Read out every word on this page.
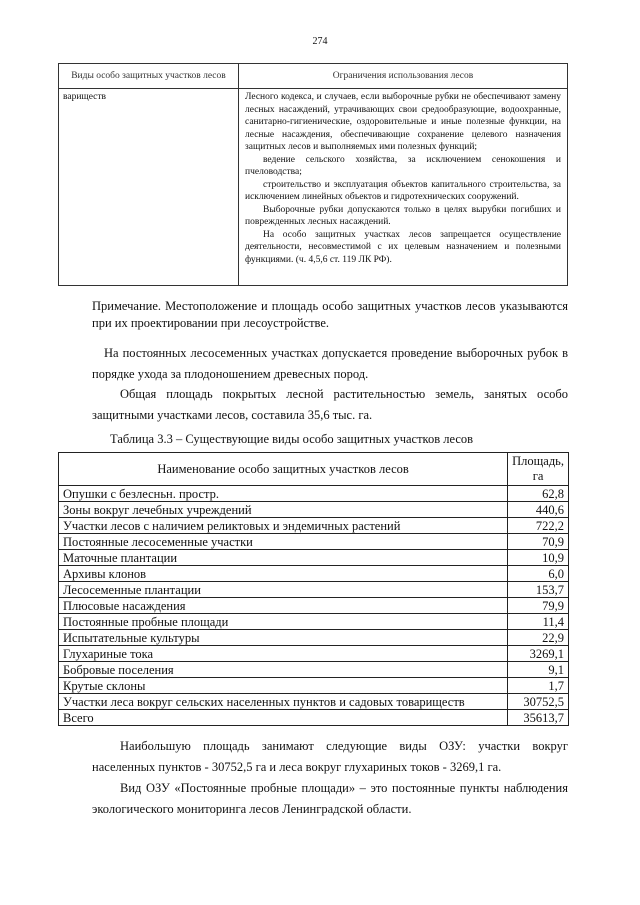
274
Виды особо защитных участков лесов	Ограничения использования лесов
вариществ	Лесного кодекса, и случаев, если выборочные рубки не обеспечивают замену лесных насаждений, утрачивающих свои средообразующие, водоохранные, санитарно-гигиенические, оздоровительные и иные полезные функции, на лесные насаждения, обеспечивающие сохранение целевого назначения защитных лесов и выполняемых ими полезных функций;

ведение сельского хозяйства, за исключением сенокошения и пчеловодства;

строительство и эксплуатация объектов капитального строительства, за исключением линейных объектов и гидротехнических сооружений.

Выборочные рубки допускаются только в целях вырубки погибших и поврежденных лесных насаждений.

На особо защитных участках лесов запрещается осуществление деятельности, несовместимой с их целевым назначением и полезными функциями. (ч. 4,5,6 ст. 119 ЛК РФ).

Примечание. Местоположение и площадь особо защитных участков лесов указываются при их проектировании при лесоустройстве.
На постоянных лесосеменных участках допускается проведение выборочных рубок в порядке ухода за плодоношением древесных пород.
Общая площадь покрытых лесной растительностью земель, занятых особо защитными участками лесов, составила 35,6 тыс. га.
Таблица 3.3 – Существующие виды особо защитных участков лесов
Наименование особо защитных участков лесов	Площадь, га
Опушки с безлесньн. простр.	62,8
Зоны вокруг лечебных учреждений	440,6
Участки лесов с наличием реликтовых и эндемичных растений	722,2
Постоянные лесосеменные участки	70,9
Маточные плантации	10,9
Архивы клонов	6,0
Лесосеменные плантации	153,7
Плюсовые насаждения	79,9
Постоянные пробные площади	11,4
Испытательные культуры	22,9
Глухариные тока	3269,1
Бобровые поселения	9,1
Крутые склоны	1,7
Участки леса вокруг сельских населенных пунктов и садовых товариществ	30752,5
Всего	35613,7
Наибольшую площадь занимают следующие виды ОЗУ: участки вокруг населенных пунктов - 30752,5 га и леса вокруг глухариных токов - 3269,1 га.
Вид ОЗУ «Постоянные пробные площади» – это постоянные пункты наблюдения экологического мониторинга лесов Ленинградской области.
